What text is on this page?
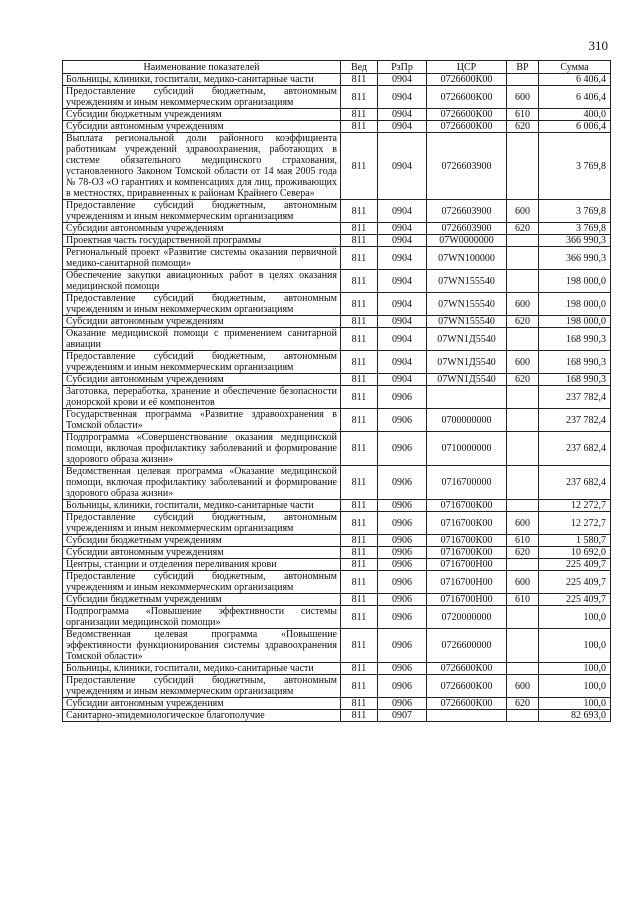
310
Наименование показателей	Вед	РзПр	ЦСР	ВР	Сумма
Больницы, клиники, госпитали, медико-санитарные части	811	0904	0726600К00		6 406,4
Предоставление субсидий бюджетным, автономным учреждениям и иным некоммерческим организациям	811	0904	0726600К00	600	6 406,4
Субсидии бюджетным учреждениям	811	0904	0726600К00	610	400,0
Субсидии автономным учреждениям	811	0904	0726600К00	620	6 006,4
Выплата региональной доли районного коэффициента работникам учреждений здравоохранения, работающих в системе обязательного медицинского страхования, установленного Законом Томской области от 14 мая 2005 года № 78-ОЗ «О гарантиях и компенсациях для лиц, проживающих в местностях, приравненных к районам Крайнего Севера»	811	0904	0726603900		3 769,8
Предоставление субсидий бюджетным, автономным учреждениям и иным некоммерческим организациям	811	0904	0726603900	600	3 769,8
Субсидии автономным учреждениям	811	0904	0726603900	620	3 769,8
Проектная часть государственной программы	811	0904	07W0000000		366 990,3
Региональный проект «Развитие системы оказания первичной медико-санитарной помощи»	811	0904	07WN100000		366 990,3
Обеспечение закупки авиационных работ в целях оказания медицинской помощи	811	0904	07WN155540		198 000,0
Предоставление субсидий бюджетным, автономным учреждениям и иным некоммерческим организациям	811	0904	07WN155540	600	198 000,0
Субсидии автономным учреждениям	811	0904	07WN155540	620	198 000,0
Оказание медицинской помощи с применением санитарной авиации	811	0904	07WN1Д5540		168 990,3
Предоставление субсидий бюджетным, автономным учреждениям и иным некоммерческим организациям	811	0904	07WN1Д5540	600	168 990,3
Субсидии автономным учреждениям	811	0904	07WN1Д5540	620	168 990,3
Заготовка, переработка, хранение и обеспечение безопасности донорской крови и её компонентов	811	0906			237 782,4
Государственная программа «Развитие здравоохранения в Томской области»	811	0906	0700000000		237 782,4
Подпрограмма «Совершенствование оказания медицинской помощи, включая профилактику заболеваний и формирование здорового образа жизни»	811	0906	0710000000		237 682,4
Ведомственная целевая программа «Оказание медицинской помощи, включая профилактику заболеваний и формирование здорового образа жизни»	811	0906	0716700000		237 682,4
Больницы, клиники, госпитали, медико-санитарные части	811	0906	0716700К00		12 272,7
Предоставление субсидий бюджетным, автономным учреждениям и иным некоммерческим организациям	811	0906	0716700К00	600	12 272,7
Субсидии бюджетным учреждениям	811	0906	0716700К00	610	1 580,7
Субсидии автономным учреждениям	811	0906	0716700К00	620	10 692,0
Центры, станции и отделения переливания крови	811	0906	0716700Н00		225 409,7
Предоставление субсидий бюджетным, автономным учреждениям и иным некоммерческим организациям	811	0906	0716700Н00	600	225 409,7
Субсидии бюджетным учреждениям	811	0906	0716700Н00	610	225 409,7
Подпрограмма «Повышение эффективности системы организации медицинской помощи»	811	0906	0720000000		100,0
Ведомственная целевая программа «Повышение эффективности функционирования системы здравоохранения Томской области»	811	0906	0726600000		100,0
Больницы, клиники, госпитали, медико-санитарные части	811	0906	0726600К00		100,0
Предоставление субсидий бюджетным, автономным учреждениям и иным некоммерческим организациям	811	0906	0726600К00	600	100,0
Субсидии автономным учреждениям	811	0906	0726600К00	620	100,0
Санитарно-эпидемиологическое благополучие	811	0907			82 693,0
